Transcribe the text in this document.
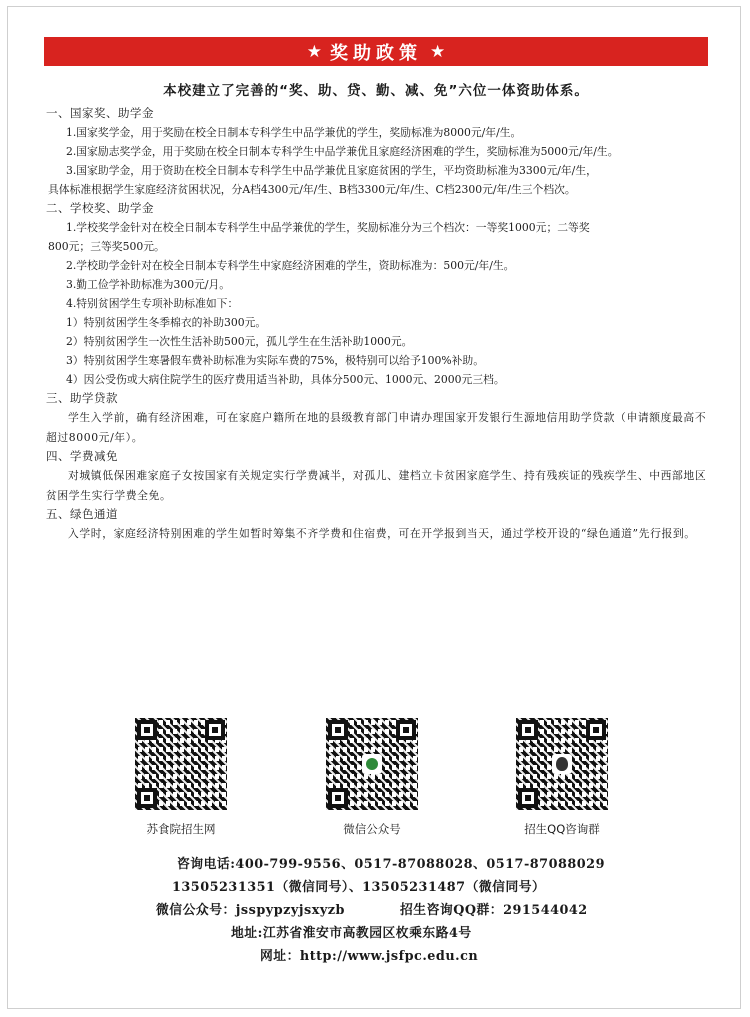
★ 奖助政策 ★
本校建立了完善的“奖、助、贷、勤、减、免”六位一体资助体系。
一、国家奖、助学金

1.国家奖学金，用于奖励在校全日制本专科学生中品学兼优的学生，奖励标准为8000元/年/生。

2.国家励志奖学金，用于奖励在校全日制本专科学生中品学兼优且家庭经济困难的学生，奖励标准为5000元/年/生。

3.国家助学金，用于资助在校全日制本专科学生中品学兼优且家庭贫困的学生，平均资助标准为3300元/年/生，

具体标准根据学生家庭经济贫困状况，分A档4300元/年/生、B档3300元/年/生、C档2300元/年/生三个档次。

二、学校奖、助学金

1.学校奖学金针对在校全日制本专科学生中品学兼优的学生，奖励标准分为三个档次：一等奖1000元；二等奖

800元；三等奖500元。

2.学校助学金针对在校全日制本专科学生中家庭经济困难的学生，资助标准为：500元/年/生。

3.勤工俭学补助标准为300元/月。

4.特别贫困学生专项补助标准如下：

1）特别贫困学生冬季棉衣的补助300元。

2）特别贫困学生一次性生活补助500元，孤儿学生在生活补助1000元。

3）特别贫困学生寒暑假车费补助标准为实际车费的75%，极特别可以给予100%补助。

4）因公受伤或大病住院学生的医疗费用适当补助，具体分500元、1000元、2000元三档。

三、助学贷款

学生入学前，确有经济困难，可在家庭户籍所在地的县级教育部门申请办理国家开发银行生源地信用助学贷款（申请额度最高不超过8000元/年）。

四、学费减免

对城镇低保困难家庭子女按国家有关规定实行学费减半，对孤儿、建档立卡贫困家庭学生、持有残疾证的残疾学生、中西部地区贫困学生实行学费全免。

五、绿色通道

入学时，家庭经济特别困难的学生如暂时筹集不齐学费和住宿费，可在开学报到当天，通过学校开设的“绿色通道”先行报到。

苏食院招生网	微信公众号	招生QQ咨询群
咨询电话:400-799-9556、0517-87088028、0517-87088029
13505231351（微信同号）、13505231487（微信同号）
微信公众号：jsspypzyjsxyzb	招生咨询QQ群：291544042
地址:江苏省淮安市高教园区枚乘东路4号
网址：http://www.jsfpc.edu.cn
